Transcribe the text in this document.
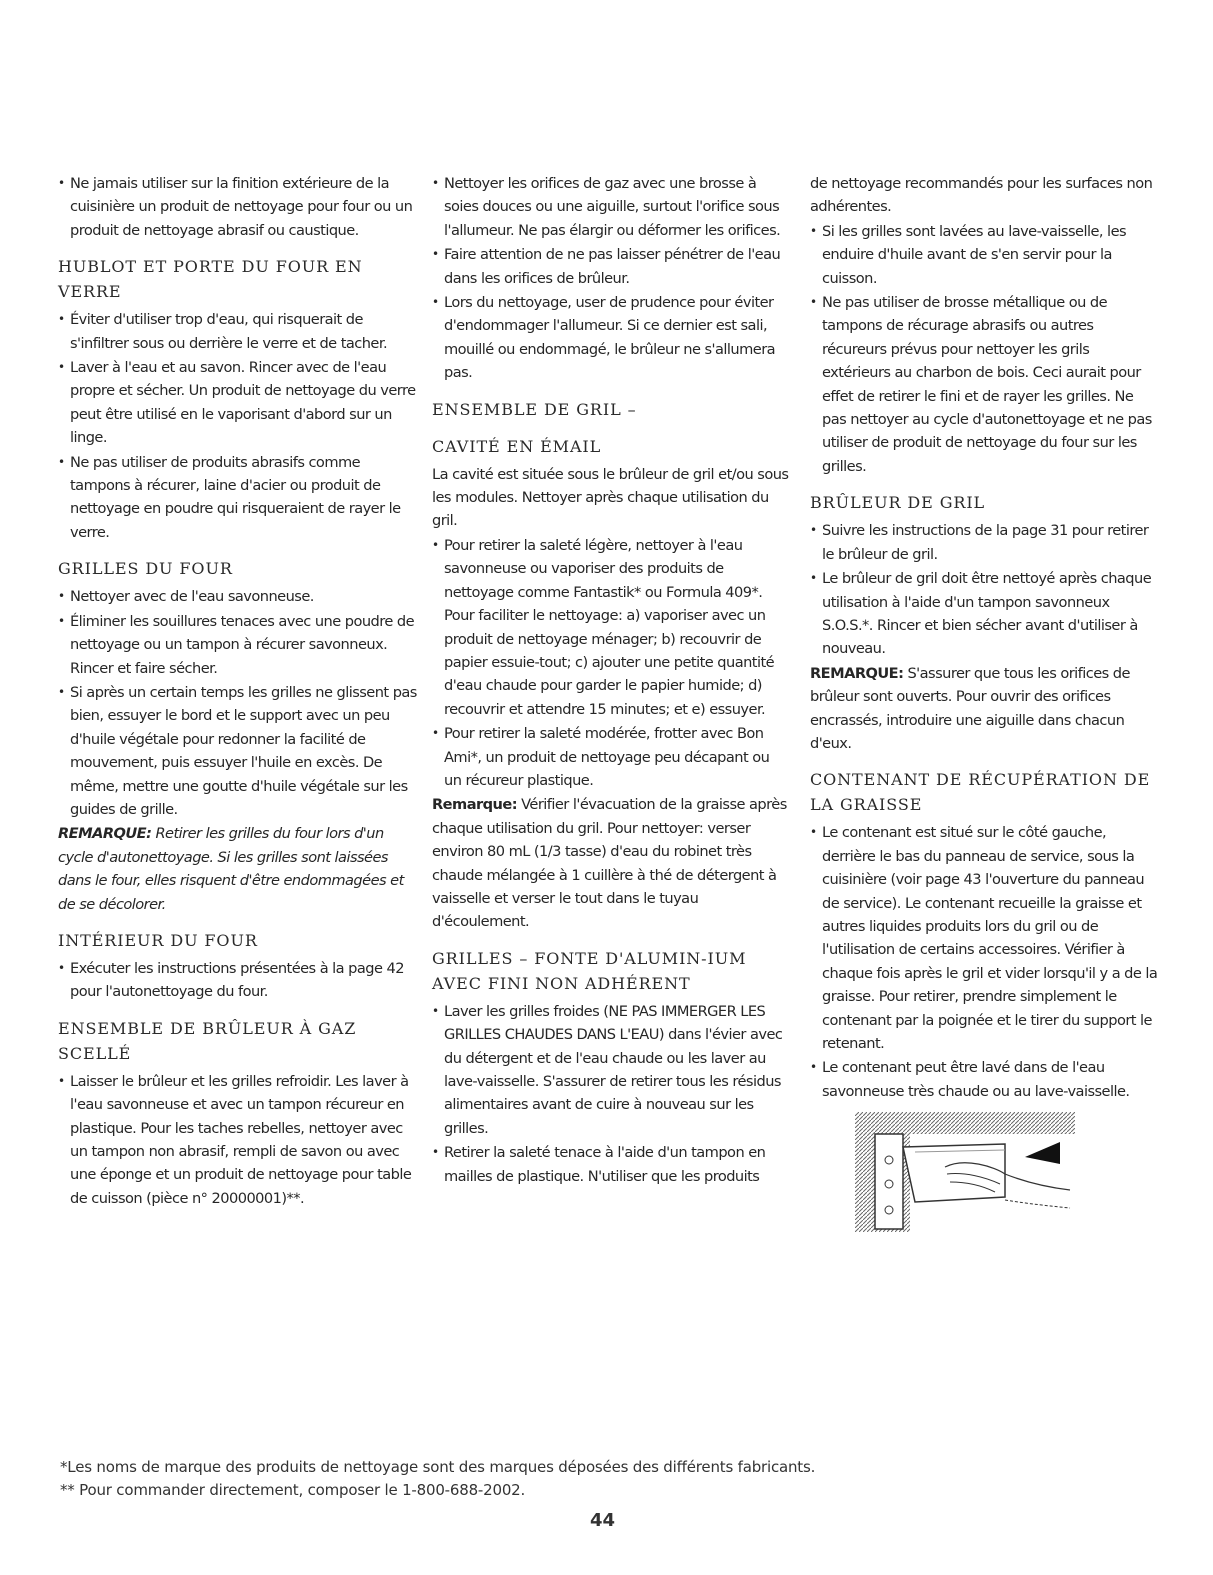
• Ne jamais utiliser sur la finition extérieure de la cuisinière un produit de nettoyage pour four ou un produit de nettoyage abrasif ou caustique.
HUBLOT ET PORTE DU FOUR EN VERRE
• Éviter d'utiliser trop d'eau, qui risquerait de s'infiltrer sous ou derrière le verre et de tacher.
• Laver à l'eau et au savon. Rincer avec de l'eau propre et sécher. Un produit de nettoyage du verre peut être utilisé en le vaporisant d'abord sur un linge.
• Ne pas utiliser de produits abrasifs comme tampons à récurer, laine d'acier ou produit de nettoyage en poudre qui risqueraient de rayer le verre.
GRILLES DU FOUR
• Nettoyer avec de l'eau savonneuse.
• Éliminer les souillures tenaces avec une poudre de nettoyage ou un tampon à récurer savonneux. Rincer et faire sécher.
• Si après un certain temps les grilles ne glissent pas bien, essuyer le bord et le support avec un peu d'huile végétale pour redonner la facilité de mouvement, puis essuyer l'huile en excès. De même, mettre une goutte d'huile végétale sur les guides de grille.
REMARQUE: Retirer les grilles du four lors d'un cycle d'autonettoyage. Si les grilles sont laissées dans le four, elles risquent d'être endommagées et de se décolorer.
INTÉRIEUR DU FOUR
• Exécuter les instructions présentées à la page 42 pour l'autonettoyage du four.
ENSEMBLE DE BRÛLEUR À GAZ SCELLÉ
• Laisser le brûleur et les grilles refroidir. Les laver à l'eau savonneuse et avec un tampon récureur en plastique. Pour les taches rebelles, nettoyer avec un tampon non abrasif, rempli de savon ou avec une éponge et un produit de nettoyage pour table de cuisson (pièce n° 20000001)**.
• Nettoyer les orifices de gaz avec une brosse à soies douces ou une aiguille, surtout l'orifice sous l'allumeur. Ne pas élargir ou déformer les orifices.
• Faire attention de ne pas laisser pénétrer de l'eau dans les orifices de brûleur.
• Lors du nettoyage, user de prudence pour éviter d'endommager l'allumeur. Si ce dernier est sali, mouillé ou endommagé, le brûleur ne s'allumera pas.
ENSEMBLE DE GRIL –
CAVITÉ EN ÉMAIL
La cavité est située sous le brûleur de gril et/ou sous les modules. Nettoyer après chaque utilisation du gril.
• Pour retirer la saleté légère, nettoyer à l'eau savonneuse ou vaporiser des produits de nettoyage comme Fantastik* ou Formula 409*. Pour faciliter le nettoyage: a) vaporiser avec un produit de nettoyage ménager; b) recouvrir de papier essuie-tout; c) ajouter une petite quantité d'eau chaude pour garder le papier humide; d) recouvrir et attendre 15 minutes; et e) essuyer.
• Pour retirer la saleté modérée, frotter avec Bon Ami*, un produit de nettoyage peu décapant ou un récureur plastique.
Remarque: Vérifier l'évacuation de la graisse après chaque utilisation du gril. Pour nettoyer: verser environ 80 mL (1/3 tasse) d'eau du robinet très chaude mélangée à 1 cuillère à thé de détergent à vaisselle et verser le tout dans le tuyau d'écoulement.
GRILLES – FONTE D'ALUMIN-IUM AVEC FINI NON ADHÉRENT
• Laver les grilles froides (NE PAS IMMERGER LES GRILLES CHAUDES DANS L'EAU) dans l'évier avec du détergent et de l'eau chaude ou les laver au lave-vaisselle. S'assurer de retirer tous les résidus alimentaires avant de cuire à nouveau sur les grilles.
• Retirer la saleté tenace à l'aide d'un tampon en mailles de plastique. N'utiliser que les produits
de nettoyage recommandés pour les surfaces non adhérentes.
• Si les grilles sont lavées au lave-vaisselle, les enduire d'huile avant de s'en servir pour la cuisson.
• Ne pas utiliser de brosse métallique ou de tampons de récurage abrasifs ou autres récureurs prévus pour nettoyer les grils extérieurs au charbon de bois. Ceci aurait pour effet de retirer le fini et de rayer les grilles. Ne pas nettoyer au cycle d'autonettoyage et ne pas utiliser de produit de nettoyage du four sur les grilles.
BRÛLEUR DE GRIL
• Suivre les instructions de la page 31 pour retirer le brûleur de gril.
• Le brûleur de gril doit être nettoyé après chaque utilisation à l'aide d'un tampon savonneux S.O.S.*. Rincer et bien sécher avant d'utiliser à nouveau.
REMARQUE: S'assurer que tous les orifices de brûleur sont ouverts. Pour ouvrir des orifices encrassés, introduire une aiguille dans chacun d'eux.
CONTENANT DE RÉCUPÉRATION DE LA GRAISSE
• Le contenant est situé sur le côté gauche, derrière le bas du panneau de service, sous la cuisinière (voir page 43 l'ouverture du panneau de service). Le contenant recueille la graisse et autres liquides produits lors du gril ou de l'utilisation de certains accessoires. Vérifier à chaque fois après le gril et vider lorsqu'il y a de la graisse. Pour retirer, prendre simplement le contenant par la poignée et le tirer du support le retenant.
• Le contenant peut être lavé dans de l'eau savonneuse très chaude ou au lave-vaisselle.
*Les noms de marque des produits de nettoyage sont des marques déposées des différents fabricants.
** Pour commander directement, composer le 1-800-688-2002.
44
